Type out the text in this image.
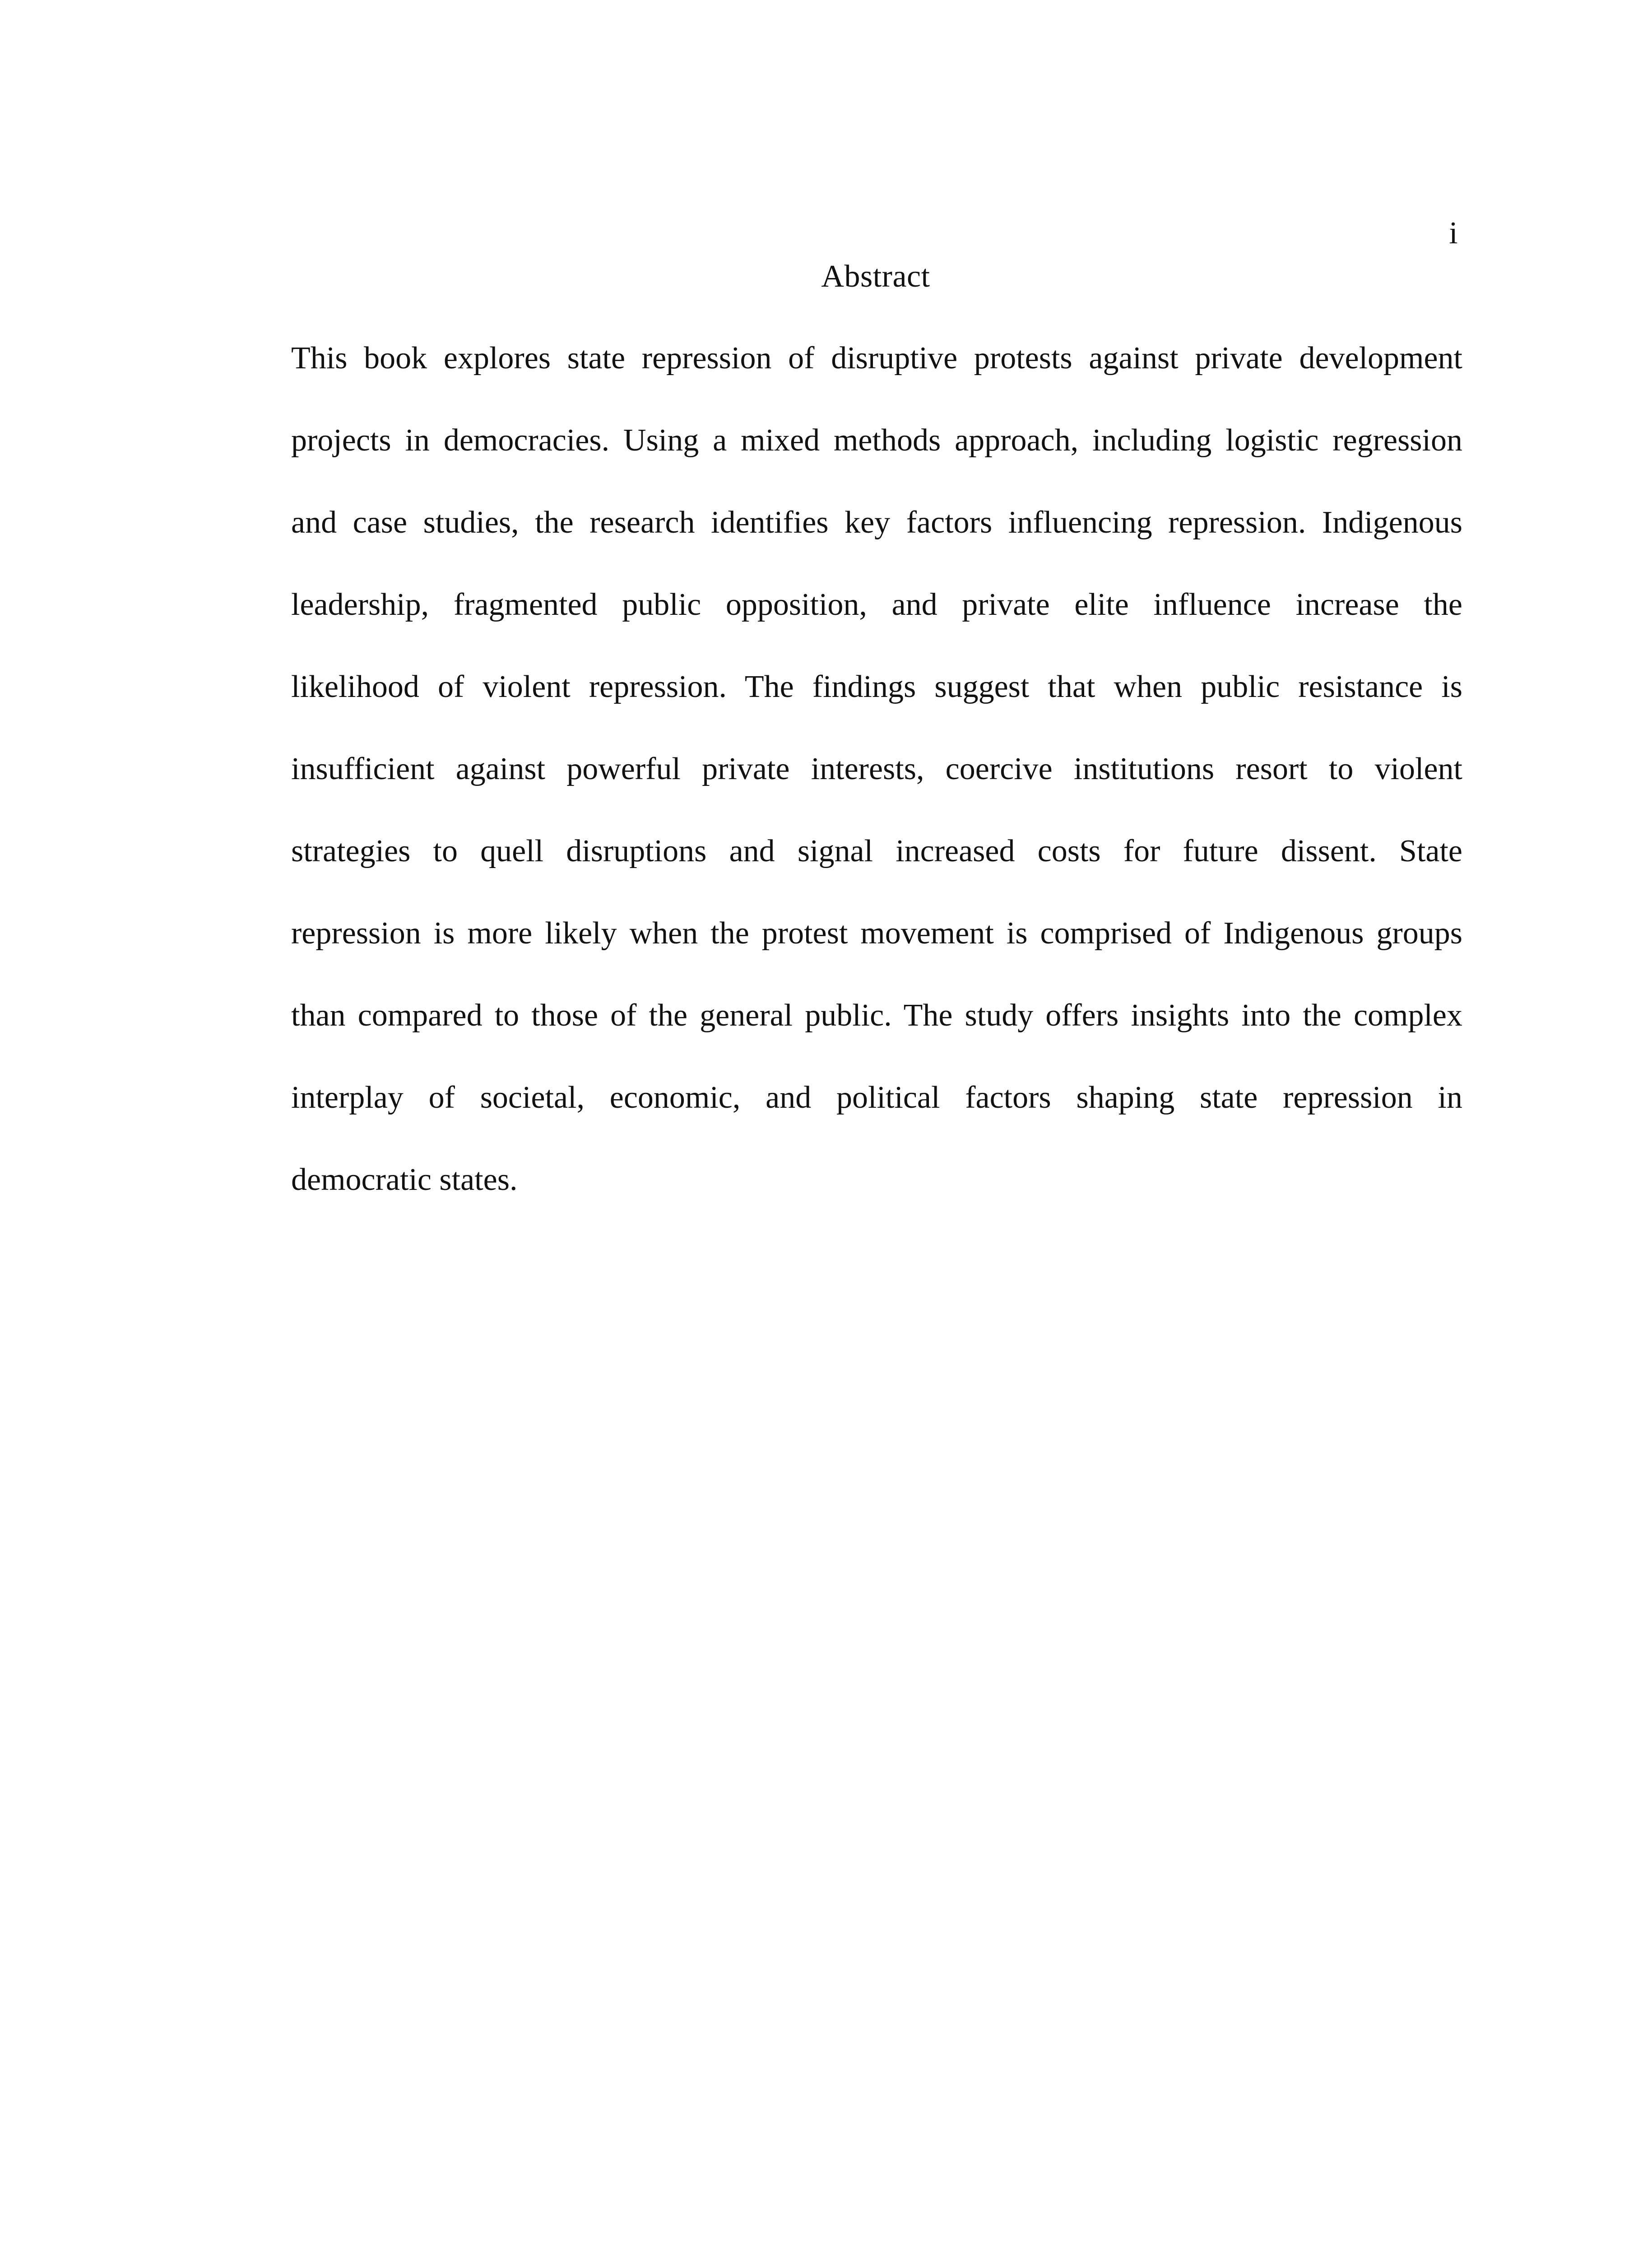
i
Abstract
This book explores state repression of disruptive protests against private development
projects in democracies. Using a mixed methods approach, including logistic regression
and case studies, the research identifies key factors influencing repression. Indigenous
leadership, fragmented public opposition, and private elite influence increase the
likelihood of violent repression. The findings suggest that when public resistance is
insufficient against powerful private interests, coercive institutions resort to violent
strategies to quell disruptions and signal increased costs for future dissent. State
repression is more likely when the protest movement is comprised of Indigenous groups
than compared to those of the general public. The study offers insights into the complex
interplay of societal, economic, and political factors shaping state repression in
democratic states.
